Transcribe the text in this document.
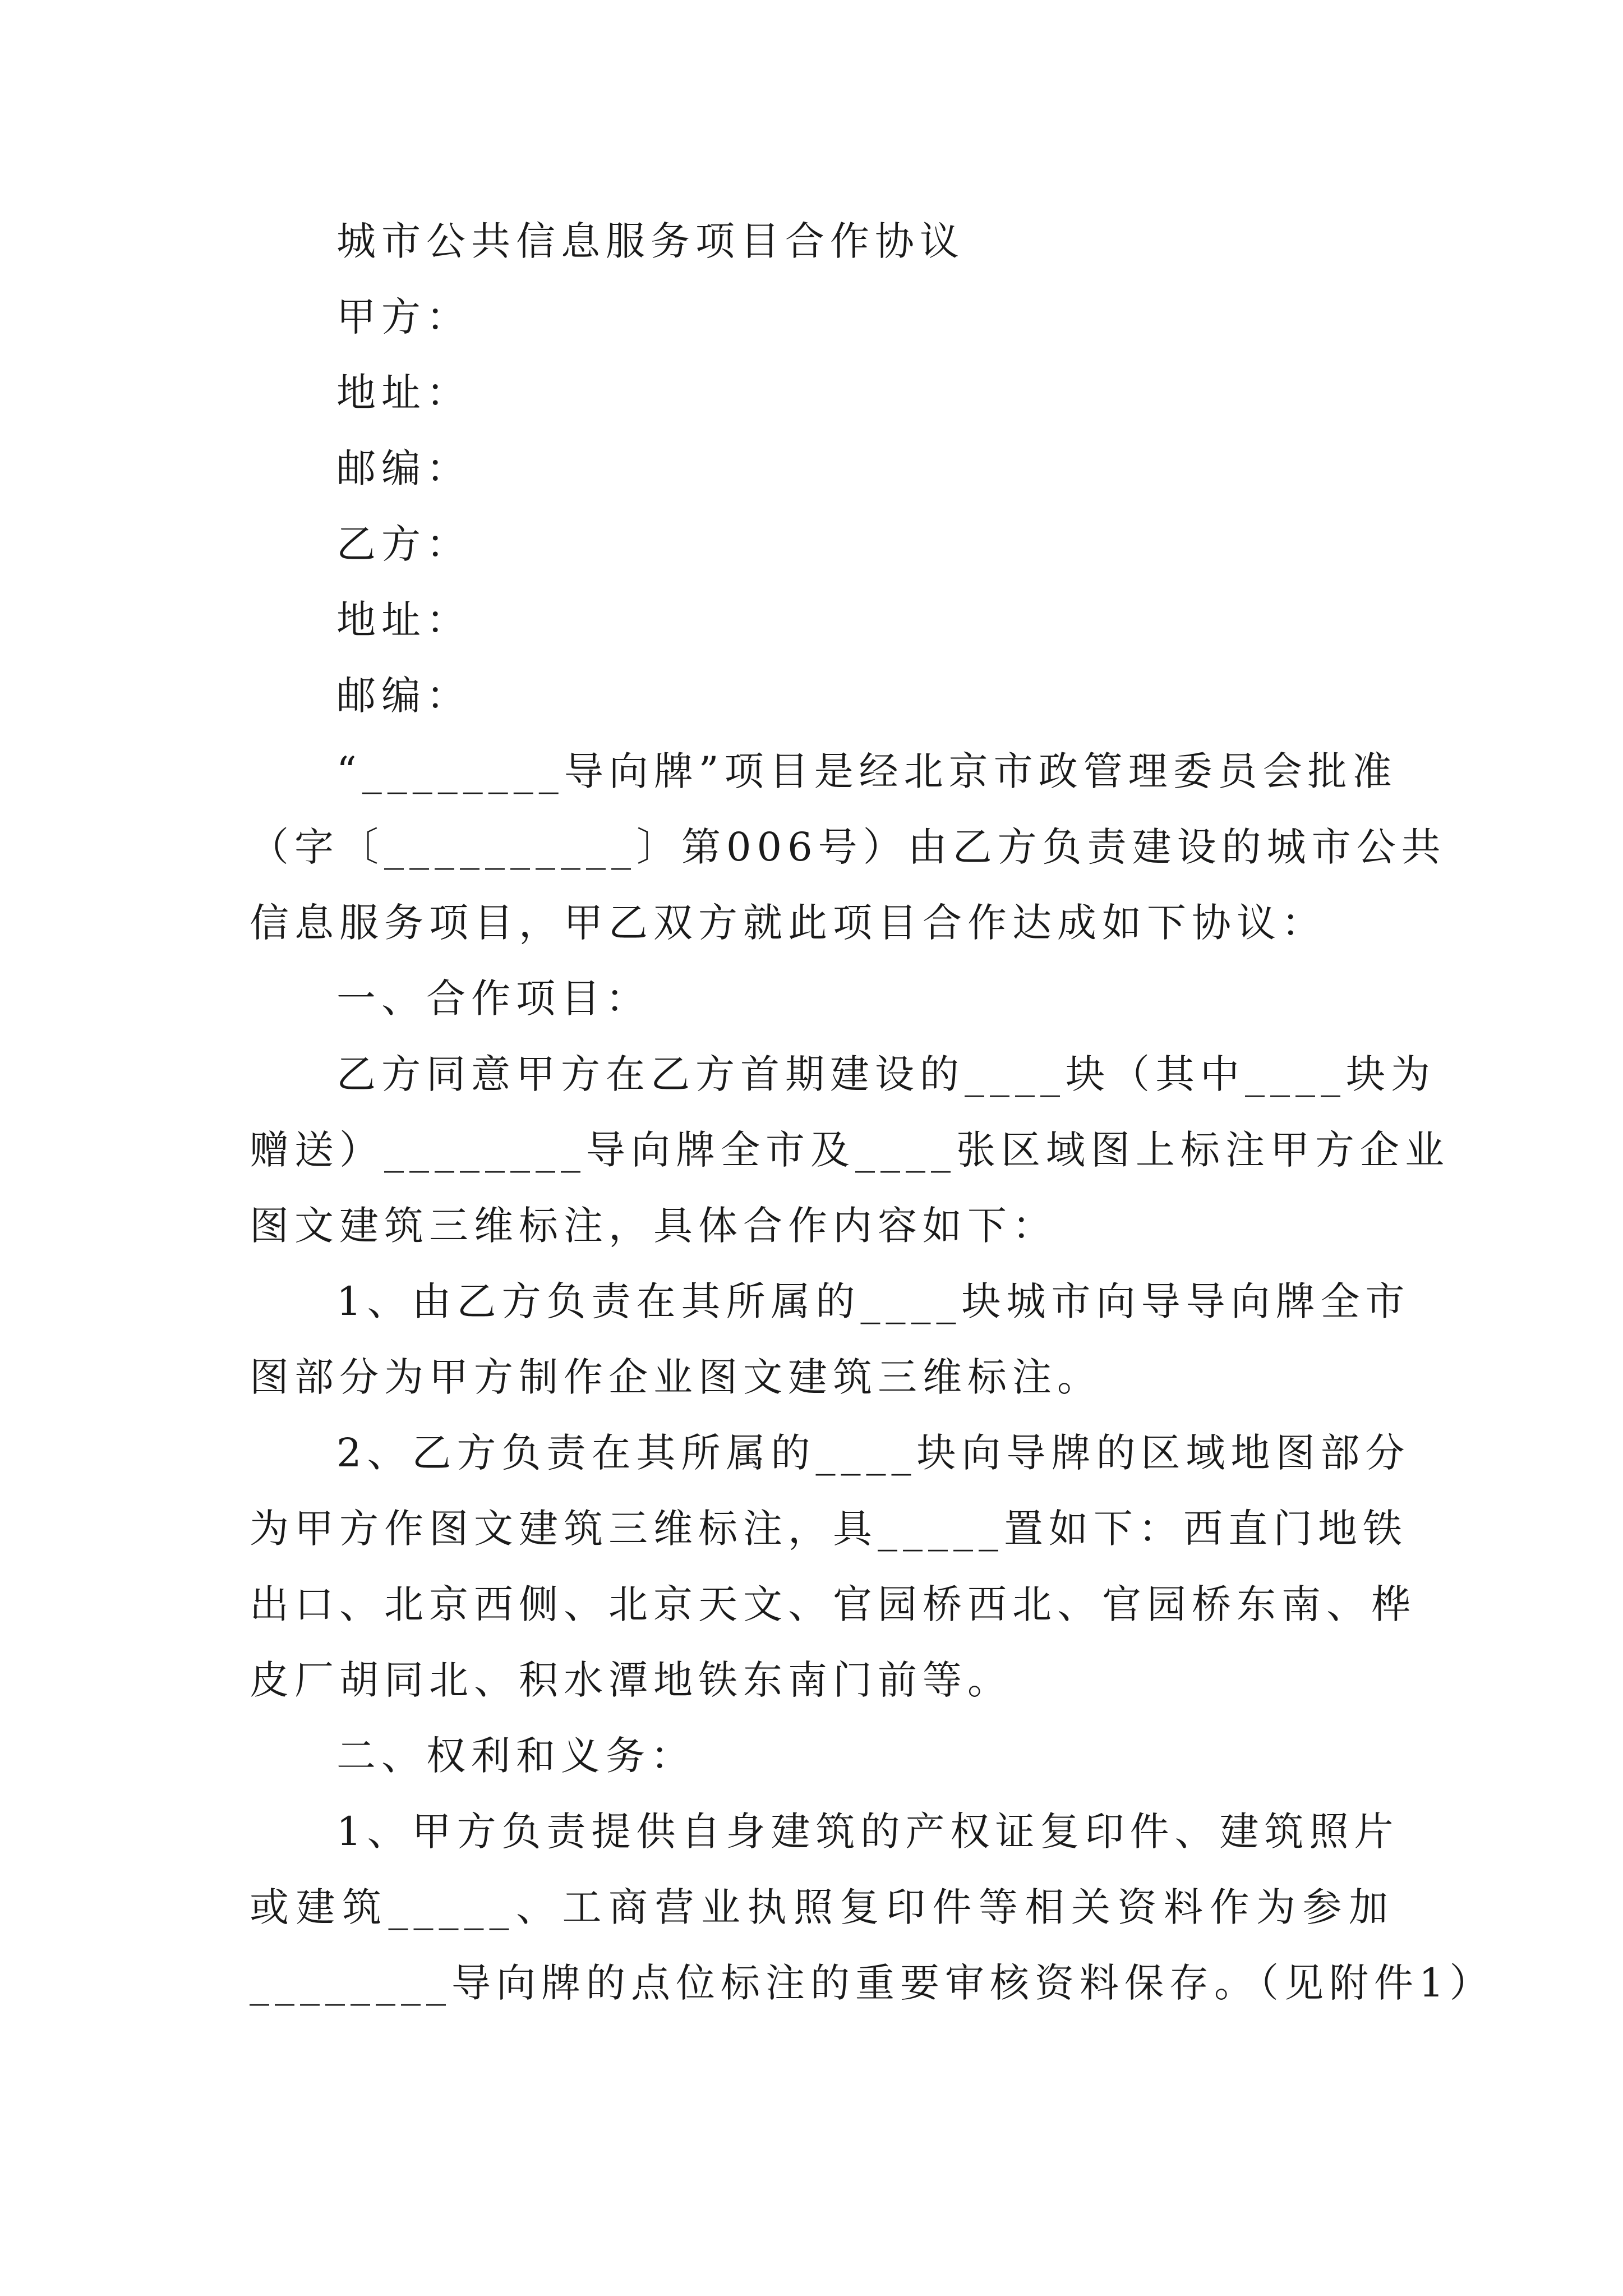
城市公共信息服务项目合作协议
甲方：
地址：
邮编：
乙方：
地址：
邮编：
“________导向牌”项目是经北京市政管理委员会批准
（字〔__________〕第006号）由乙方负责建设的城市公共
信息服务项目，甲乙双方就此项目合作达成如下协议：
一、合作项目：
乙方同意甲方在乙方首期建设的____块（其中____块为
赠送）________导向牌全市及____张区域图上标注甲方企业
图文建筑三维标注，具体合作内容如下：
1、由乙方负责在其所属的____块城市向导导向牌全市
图部分为甲方制作企业图文建筑三维标注。
2、乙方负责在其所属的____块向导牌的区域地图部分
为甲方作图文建筑三维标注，具_____置如下：西直门地铁
出口、北京西侧、北京天文、官园桥西北、官园桥东南、桦
皮厂胡同北、积水潭地铁东南门前等。
二、权利和义务：
1、甲方负责提供自身建筑的产权证复印件、建筑照片
或建筑_____、工商营业执照复印件等相关资料作为参加
________导向牌的点位标注的重要审核资料保存。（见附件1）
